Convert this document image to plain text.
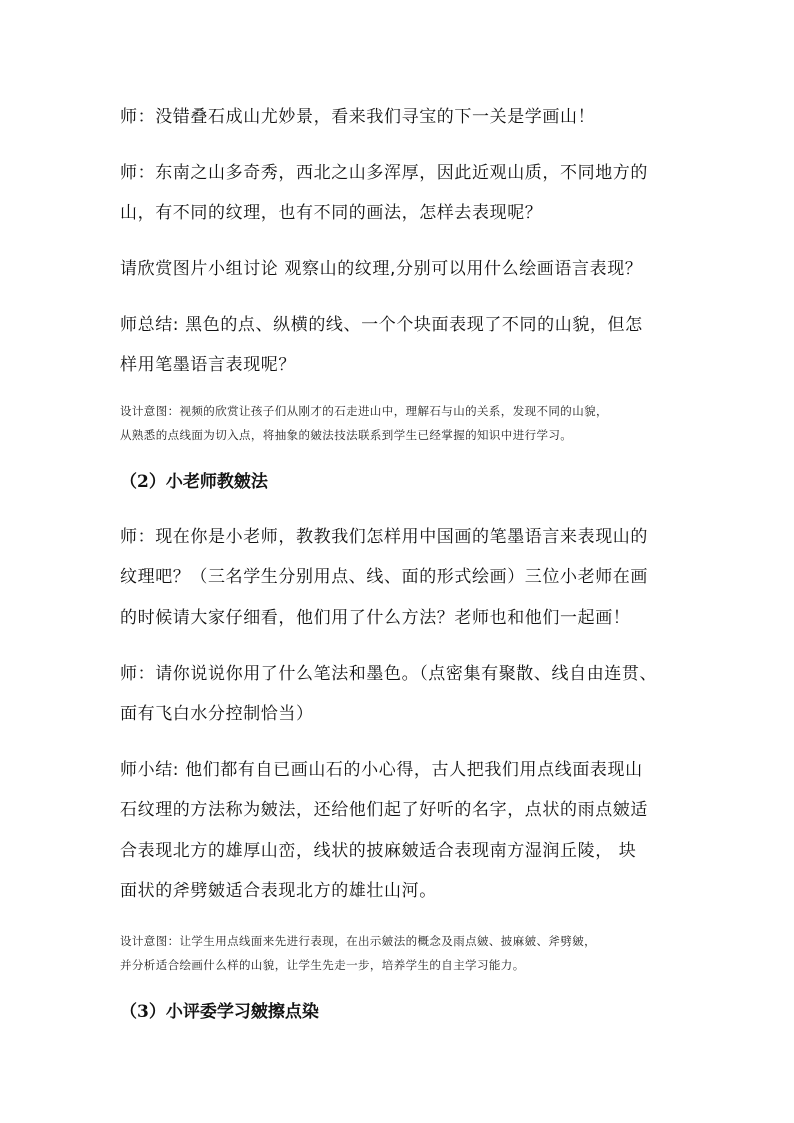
师：没错叠石成山尤妙景，看来我们寻宝的下一关是学画山！
师：东南之山多奇秀，西北之山多浑厚，因此近观山质，不同地方的
山，有不同的纹理，也有不同的画法，怎样去表现呢？
请欣赏图片小组讨论 观察山的纹理,分别可以用什么绘画语言表现？
师总结: 黑色的点、纵横的线、一个个块面表现了不同的山貌，但怎
样用笔墨语言表现呢？
设计意图：视频的欣赏让孩子们从刚才的石走进山中，理解石与山的关系，发现不同的山貌，
从熟悉的点线面为切入点，将抽象的皴法技法联系到学生已经掌握的知识中进行学习。
（2）小老师教皴法
师：现在你是小老师，教教我们怎样用中国画的笔墨语言来表现山的
纹理吧？（三名学生分别用点、线、面的形式绘画）三位小老师在画
的时候请大家仔细看，他们用了什么方法？老师也和他们一起画！
师：请你说说你用了什么笔法和墨色。（点密集有聚散、线自由连贯、
面有飞白水分控制恰当）
师小结: 他们都有自已画山石的小心得，古人把我们用点线面表现山
石纹理的方法称为皴法，还给他们起了好听的名字，点状的雨点皴适
合表现北方的雄厚山峦，线状的披麻皴适合表现南方湿润丘陵， 块
面状的斧劈皴适合表现北方的雄壮山河。
设计意图：让学生用点线面来先进行表现，在出示皴法的概念及雨点皴、披麻皴、斧劈皴，
并分析适合绘画什么样的山貌，让学生先走一步，培养学生的自主学习能力。
（3）小评委学习皴擦点染
